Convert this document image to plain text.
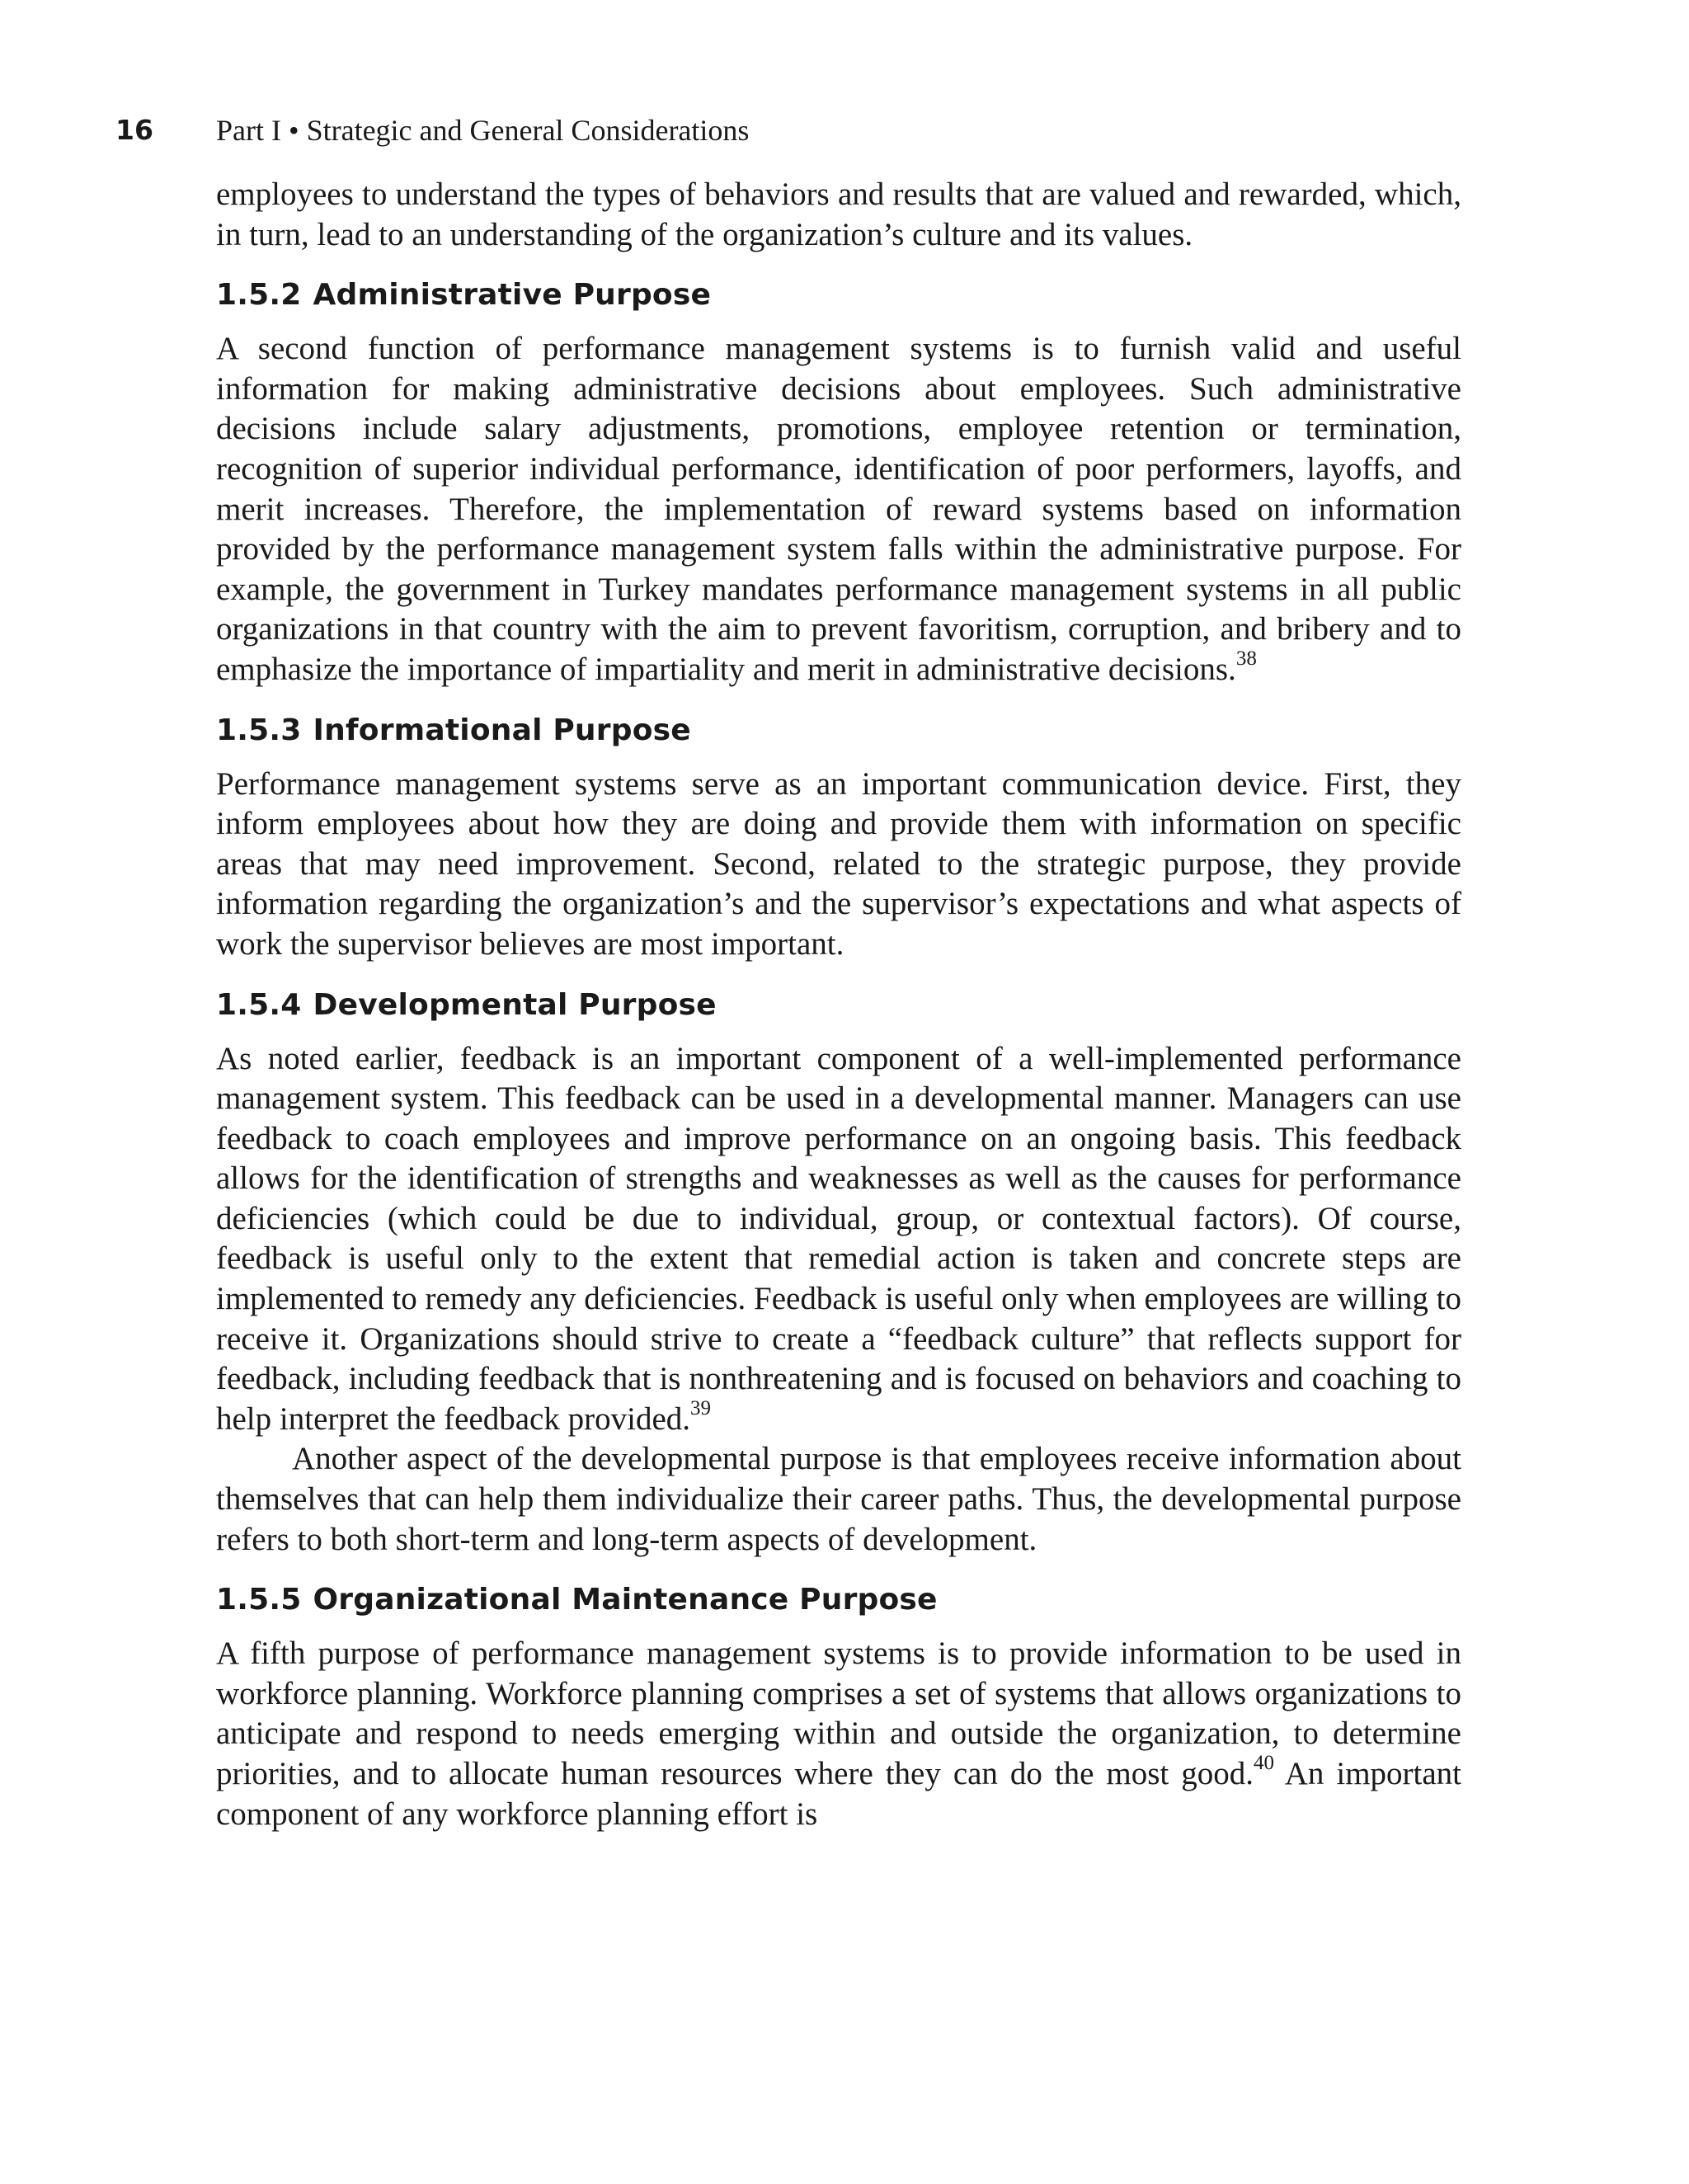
16 Part I • Strategic and General Considerations

employees to understand the types of behaviors and results that are valued and rewarded, which, in turn, lead to an understanding of the organization’s culture and its values.

1.5.2 Administrative Purpose

A second function of performance management systems is to furnish valid and useful information for making administrative decisions about employees. Such administrative decisions include salary adjustments, promotions, employee retention or termination, recognition of superior individual performance, identification of poor performers, layoffs, and merit increases. Therefore, the implementation of reward systems based on information provided by the performance management system falls within the administrative purpose. For example, the government in Turkey mandates performance management systems in all public organizations in that country with the aim to prevent favoritism, corruption, and bribery and to emphasize the importance of impartiality and merit in administrative decisions.$^{38}$

1.5.3 Informational Purpose

Performance management systems serve as an important communication device. First, they inform employees about how they are doing and provide them with information on specific areas that may need improvement. Second, related to the strategic purpose, they provide information regarding the organization’s and the supervisor’s expectations and what aspects of work the supervisor believes are most important.

1.5.4 Developmental Purpose

As noted earlier, feedback is an important component of a well-implemented performance management system. This feedback can be used in a developmental manner. Managers can use feedback to coach employees and improve performance on an ongoing basis. This feedback allows for the identification of strengths and weaknesses as well as the causes for performance deficiencies (which could be due to individual, group, or contextual factors). Of course, feedback is useful only to the extent that remedial action is taken and concrete steps are implemented to remedy any deficiencies. Feedback is useful only when employees are willing to receive it. Organizations should strive to create a “feedback culture” that reflects support for feedback, including feedback that is nonthreatening and is focused on behaviors and coaching to help interpret the feedback provided.$^{39}$

Another aspect of the developmental purpose is that employees receive information about themselves that can help them individualize their career paths. Thus, the developmental purpose refers to both short-term and long-term aspects of development.

1.5.5 Organizational Maintenance Purpose

A fifth purpose of performance management systems is to provide information to be used in workforce planning. Workforce planning comprises a set of systems that allows organizations to anticipate and respond to needs emerging within and outside the organization, to determine priorities, and to allocate human resources where they can do the most good.$^{40}$ An important component of any workforce planning effort is
